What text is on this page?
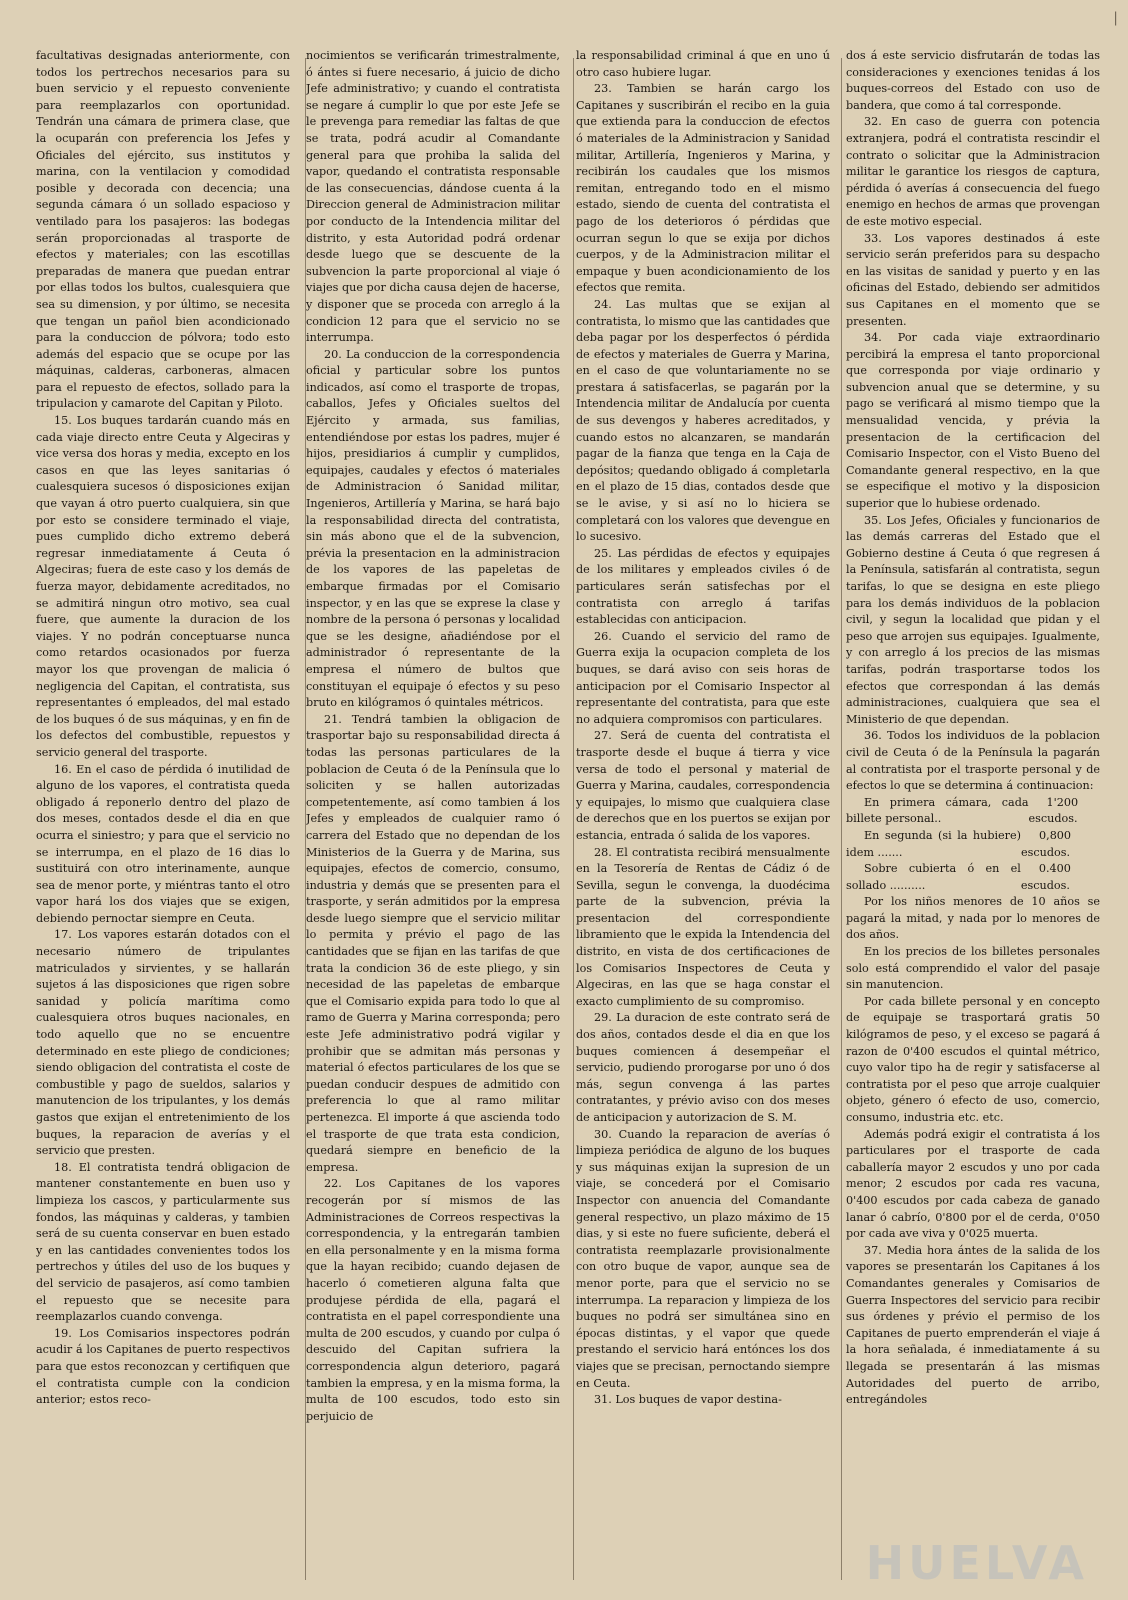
|

facultativas designadas anteriormente, con todos los pertrechos necesarios para su buen servicio y el repuesto conveniente para reemplazarlos con oportunidad. Tendrán una cámara de primera clase, que la ocuparán con preferencia los Jefes y Oficiales del ejército, sus institutos y marina, con la ventilacion y comodidad posible y decorada con decencia; una segunda cámara ó un sollado espacioso y ventilado para los pasajeros: las bodegas serán proporcionadas al trasporte de efectos y materiales; con las escotillas preparadas de manera que puedan entrar por ellas todos los bultos, cualesquiera que sea su dimension, y por último, se necesita que tengan un pañol bien acondicionado para la conduccion de pólvora; todo esto además del espacio que se ocupe por las máquinas, calderas, carboneras, almacen para el repuesto de efectos, sollado para la tripulacion y camarote del Capitan y Piloto.

15. Los buques tardarán cuando más en cada viaje directo entre Ceuta y Algeciras y vice versa dos horas y media, excepto en los casos en que las leyes sanitarias ó cualesquiera sucesos ó disposiciones exijan que vayan á otro puerto cualquiera, sin que por esto se considere terminado el viaje, pues cumplido dicho extremo deberá regresar inmediatamente á Ceuta ó Algeciras; fuera de este caso y los demás de fuerza mayor, debidamente acreditados, no se admitirá ningun otro motivo, sea cual fuere, que aumente la duracion de los viajes. Y no podrán conceptuarse nunca como retardos ocasionados por fuerza mayor los que provengan de malicia ó negligencia del Capitan, el contratista, sus representantes ó empleados, del mal estado de los buques ó de sus máquinas, y en fin de los defectos del combustible, repuestos y servicio general del trasporte.

16. En el caso de pérdida ó inutilidad de alguno de los vapores, el contratista queda obligado á reponerlo dentro del plazo de dos meses, contados desde el dia en que ocurra el siniestro; y para que el servicio no se interrumpa, en el plazo de 16 dias lo sustituirá con otro interinamente, aunque sea de menor porte, y miéntras tanto el otro vapor hará los dos viajes que se exigen, debiendo pernoctar siempre en Ceuta.

17. Los vapores estarán dotados con el necesario número de tripulantes matriculados y sirvientes, y se hallarán sujetos á las disposiciones que rigen sobre sanidad y policía marítima como cualesquiera otros buques nacionales, en todo aquello que no se encuentre determinado en este pliego de condiciones; siendo obligacion del contratista el coste de combustible y pago de sueldos, salarios y manutencion de los tripulantes, y los demás gastos que exijan el entretenimiento de los buques, la reparacion de averías y el servicio que presten.

18. El contratista tendrá obligacion de mantener constantemente en buen uso y limpieza los cascos, y particularmente sus fondos, las máquinas y calderas, y tambien será de su cuenta conservar en buen estado y en las cantidades convenientes todos los pertrechos y útiles del uso de los buques y del servicio de pasajeros, así como tambien el repuesto que se necesite para reemplazarlos cuando convenga.

19. Los Comisarios inspectores podrán acudir á los Capitanes de puerto respectivos para que estos reconozcan y certifiquen que el contratista cumple con la condicion anterior; estos reco-

nocimientos se verificarán trimestralmente, ó ántes si fuere necesario, á juicio de dicho Jefe administrativo; y cuando el contratista se negare á cumplir lo que por este Jefe se le prevenga para remediar las faltas de que se trata, podrá acudir al Comandante general para que prohiba la salida del vapor, quedando el contratista responsable de las consecuencias, dándose cuenta á la Direccion general de Administracion militar por conducto de la Intendencia militar del distrito, y esta Autoridad podrá ordenar desde luego que se descuente de la subvencion la parte proporcional al viaje ó viajes que por dicha causa dejen de hacerse, y disponer que se proceda con arreglo á la condicion 12 para que el servicio no se interrumpa.

20. La conduccion de la correspondencia oficial y particular sobre los puntos indicados, así como el trasporte de tropas, caballos, Jefes y Oficiales sueltos del Ejército y armada, sus familias, entendiéndose por estas los padres, mujer é hijos, presidiarios á cumplir y cumplidos, equipajes, caudales y efectos ó materiales de Administracion ó Sanidad militar, Ingenieros, Artillería y Marina, se hará bajo la responsabilidad directa del contratista, sin más abono que el de la subvencion, prévia la presentacion en la administracion de los vapores de las papeletas de embarque firmadas por el Comisario inspector, y en las que se exprese la clase y nombre de la persona ó personas y localidad que se les designe, añadiéndose por el administrador ó representante de la empresa el número de bultos que constituyan el equipaje ó efectos y su peso bruto en kilógramos ó quintales métricos.

21. Tendrá tambien la obligacion de trasportar bajo su responsabilidad directa á todas las personas particulares de la poblacion de Ceuta ó de la Península que lo soliciten y se hallen autorizadas competentemente, así como tambien á los Jefes y empleados de cualquier ramo ó carrera del Estado que no dependan de los Ministerios de la Guerra y de Marina, sus equipajes, efectos de comercio, consumo, industria y demás que se presenten para el trasporte, y serán admitidos por la empresa desde luego siempre que el servicio militar lo permita y prévio el pago de las cantidades que se fijan en las tarifas de que trata la condicion 36 de este pliego, y sin necesidad de las papeletas de embarque que el Comisario expida para todo lo que al ramo de Guerra y Marina corresponda; pero este Jefe administrativo podrá vigilar y prohibir que se admitan más personas y material ó efectos particulares de los que se puedan conducir despues de admitido con preferencia lo que al ramo militar pertenezca. El importe á que ascienda todo el trasporte de que trata esta condicion, quedará siempre en beneficio de la empresa.

22. Los Capitanes de los vapores recogerán por sí mismos de las Administraciones de Correos respectivas la correspondencia, y la entregarán tambien en ella personalmente y en la misma forma que la hayan recibido; cuando dejasen de hacerlo ó cometieren alguna falta que produjese pérdida de ella, pagará el contratista en el papel correspondiente una multa de 200 escudos, y cuando por culpa ó descuido del Capitan sufriera la correspondencia algun deterioro, pagará tambien la empresa, y en la misma forma, la multa de 100 escudos, todo esto sin perjuicio de

la responsabilidad criminal á que en uno ú otro caso hubiere lugar.

23. Tambien se harán cargo los Capitanes y suscribirán el recibo en la guia que extienda para la conduccion de efectos ó materiales de la Administracion y Sanidad militar, Artillería, Ingenieros y Marina, y recibirán los caudales que los mismos remitan, entregando todo en el mismo estado, siendo de cuenta del contratista el pago de los deterioros ó pérdidas que ocurran segun lo que se exija por dichos cuerpos, y de la Administracion militar el empaque y buen acondicionamiento de los efectos que remita.

24. Las multas que se exijan al contratista, lo mismo que las cantidades que deba pagar por los desperfectos ó pérdida de efectos y materiales de Guerra y Marina, en el caso de que voluntariamente no se prestara á satisfacerlas, se pagarán por la Intendencia militar de Andalucía por cuenta de sus devengos y haberes acreditados, y cuando estos no alcanzaren, se mandarán pagar de la fianza que tenga en la Caja de depósitos; quedando obligado á completarla en el plazo de 15 dias, contados desde que se le avise, y si así no lo hiciera se completará con los valores que devengue en lo sucesivo.

25. Las pérdidas de efectos y equipajes de los militares y empleados civiles ó de particulares serán satisfechas por el contratista con arreglo á tarifas establecidas con anticipacion.

26. Cuando el servicio del ramo de Guerra exija la ocupacion completa de los buques, se dará aviso con seis horas de anticipacion por el Comisario Inspector al representante del contratista, para que este no adquiera compromisos con particulares.

27. Será de cuenta del contratista el trasporte desde el buque á tierra y vice versa de todo el personal y material de Guerra y Marina, caudales, correspondencia y equipajes, lo mismo que cualquiera clase de derechos que en los puertos se exijan por estancia, entrada ó salida de los vapores.

28. El contratista recibirá mensualmente en la Tesorería de Rentas de Cádiz ó de Sevilla, segun le convenga, la duodécima parte de la subvencion, prévia la presentacion del correspondiente libramiento que le expida la Intendencia del distrito, en vista de dos certificaciones de los Comisarios Inspectores de Ceuta y Algeciras, en las que se haga constar el exacto cumplimiento de su compromiso.

29. La duracion de este contrato será de dos años, contados desde el dia en que los buques comiencen á desempeñar el servicio, pudiendo prorogarse por uno ó dos más, segun convenga á las partes contratantes, y prévio aviso con dos meses de anticipacion y autorizacion de S. M.

30. Cuando la reparacion de averías ó limpieza periódica de alguno de los buques y sus máquinas exijan la supresion de un viaje, se concederá por el Comisario Inspector con anuencia del Comandante general respectivo, un plazo máximo de 15 dias, y si este no fuere suficiente, deberá el contratista reemplazarle provisionalmente con otro buque de vapor, aunque sea de menor porte, para que el servicio no se interrumpa. La reparacion y limpieza de los buques no podrá ser simultánea sino en épocas distintas, y el vapor que quede prestando el servicio hará entónces los dos viajes que se precisan, pernoctando siempre en Ceuta.

31. Los buques de vapor destina-

dos á este servicio disfrutarán de todas las consideraciones y exenciones tenidas á los buques-correos del Estado con uso de bandera, que como á tal corresponde.

32. En caso de guerra con potencia extranjera, podrá el contratista rescindir el contrato o solicitar que la Administracion militar le garantice los riesgos de captura, pérdida ó averías á consecuencia del fuego enemigo en hechos de armas que provengan de este motivo especial.

33. Los vapores destinados á este servicio serán preferidos para su despacho en las visitas de sanidad y puerto y en las oficinas del Estado, debiendo ser admitidos sus Capitanes en el momento que se presenten.

34. Por cada viaje extraordinario percibirá la empresa el tanto proporcional que corresponda por viaje ordinario y subvencion anual que se determine, y su pago se verificará al mismo tiempo que la mensualidad vencida, y prévia la presentacion de la certificacion del Comisario Inspector, con el Visto Bueno del Comandante general respectivo, en la que se especifique el motivo y la disposicion superior que lo hubiese ordenado.

35. Los Jefes, Oficiales y funcionarios de las demás carreras del Estado que el Gobierno destine á Ceuta ó que regresen á la Península, satisfarán al contratista, segun tarifas, lo que se designa en este pliego para los demás individuos de la poblacion civil, y segun la localidad que pidan y el peso que arrojen sus equipajes. Igualmente, y con arreglo á los precios de las mismas tarifas, podrán trasportarse todos los efectos que correspondan á las demás administraciones, cualquiera que sea el Ministerio de que dependan.

36. Todos los individuos de la poblacion civil de Ceuta ó de la Península la pagarán al contratista por el trasporte personal y de efectos lo que se determina á continuacion:

En primera cámara, cada billete personal..
1'200 escudos.

En segunda (si la hubiere) idem .......
0,800 escudos.

Sobre cubierta ó en el sollado ..........
0.400 escudos.

Por los niños menores de 10 años se pagará la mitad, y nada por lo menores de dos años.

En los precios de los billetes personales solo está comprendido el valor del pasaje sin manutencion.

Por cada billete personal y en concepto de equipaje se trasportará gratis 50 kilógramos de peso, y el exceso se pagará á razon de 0'400 escudos el quintal métrico, cuyo valor tipo ha de regir y satisfacerse al contratista por el peso que arroje cualquier objeto, género ó efecto de uso, comercio, consumo, industria etc. etc.

Además podrá exigir el contratista á los particulares por el trasporte de cada caballería mayor 2 escudos y uno por cada menor; 2 escudos por cada res vacuna, 0'400 escudos por cada cabeza de ganado lanar ó cabrío, 0'800 por el de cerda, 0'050 por cada ave viva y 0'025 muerta.

37. Media hora ántes de la salida de los vapores se presentarán los Capitanes á los Comandantes generales y Comisarios de Guerra Inspectores del servicio para recibir sus órdenes y prévio el permiso de los Capitanes de puerto emprenderán el viaje á la hora señalada, é inmediatamente á su llegada se presentarán á las mismas Autoridades del puerto de arribo, entregándoles

HUELVA
